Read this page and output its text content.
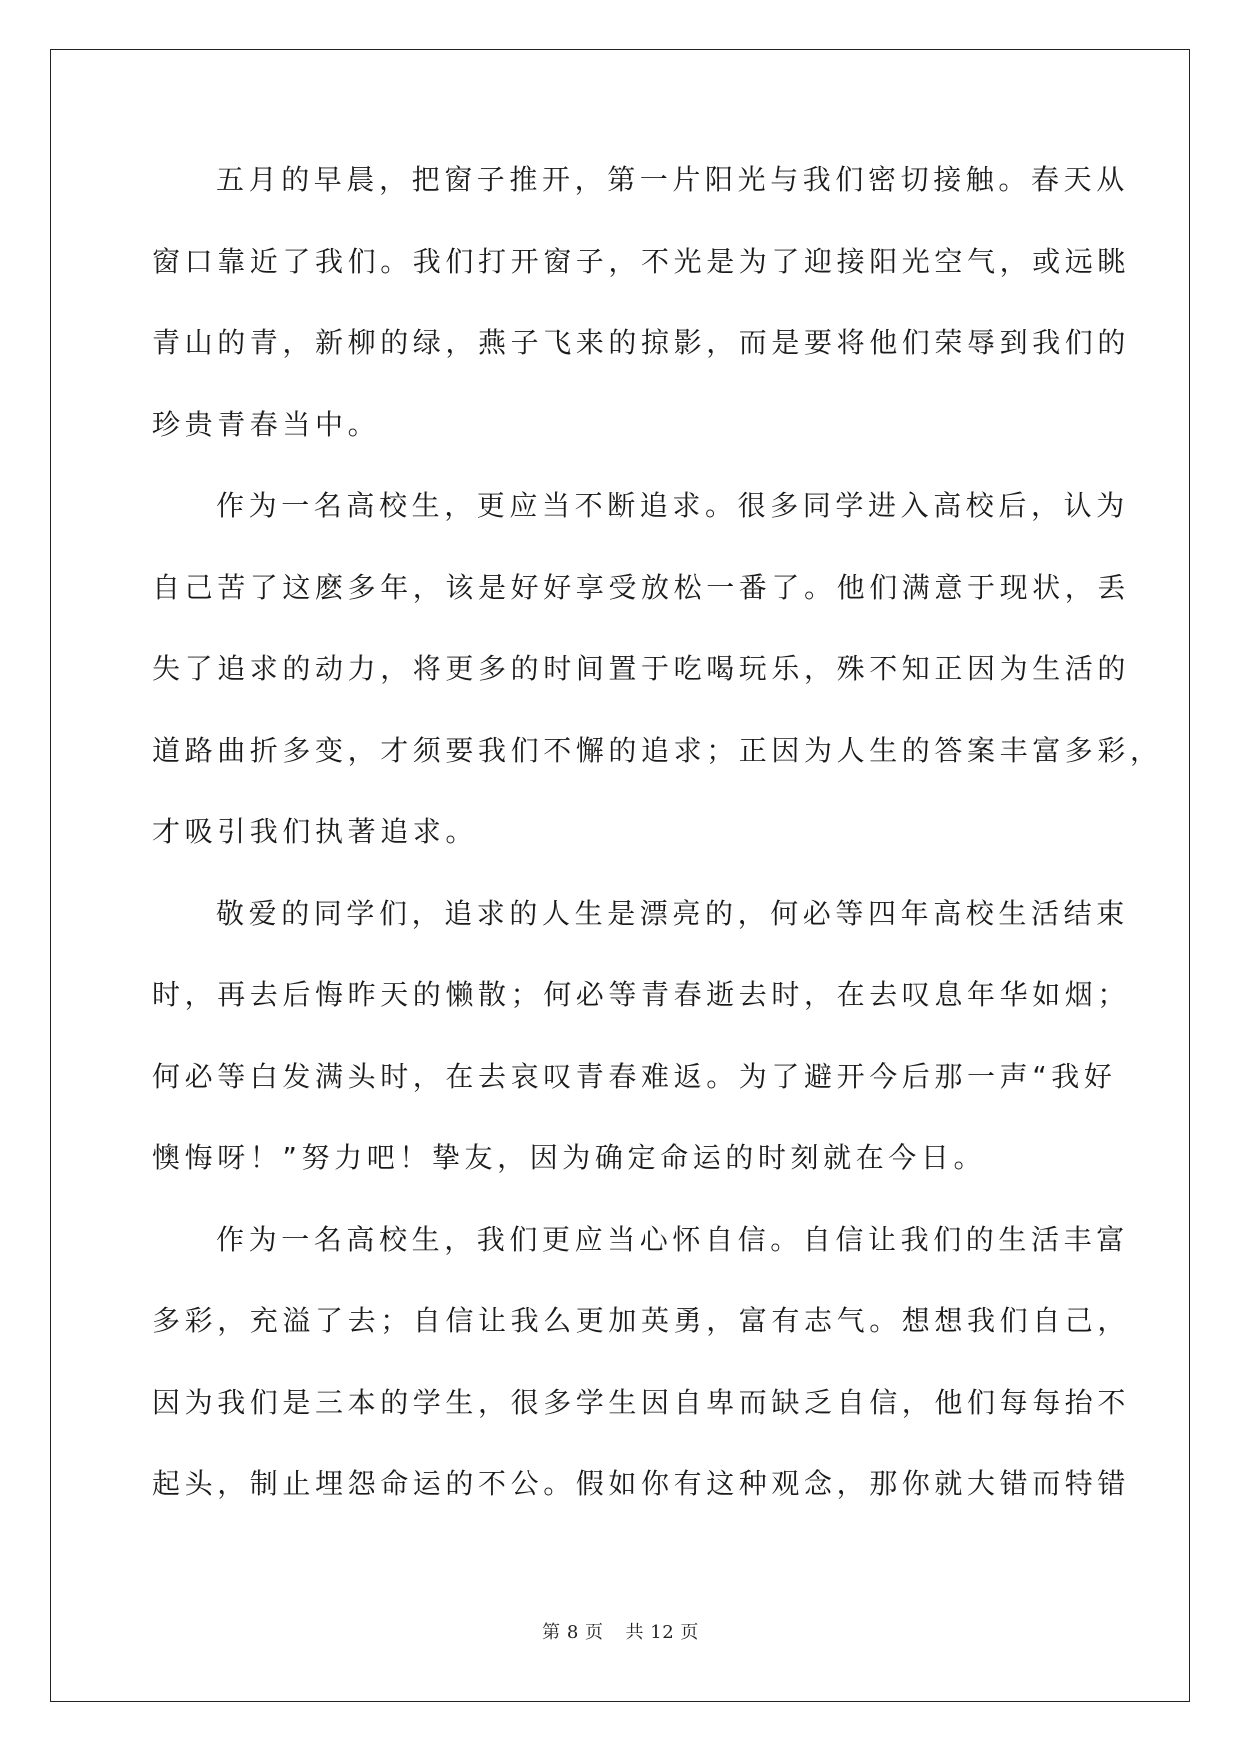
五月的早晨，把窗子推开，第一片阳光与我们密切接触。春天从
窗口靠近了我们。我们打开窗子，不光是为了迎接阳光空气，或远眺
青山的青，新柳的绿，燕子飞来的掠影，而是要将他们荣辱到我们的
珍贵青春当中。
作为一名高校生，更应当不断追求。很多同学进入高校后，认为
自己苦了这麽多年，该是好好享受放松一番了。他们满意于现状，丢
失了追求的动力，将更多的时间置于吃喝玩乐，殊不知正因为生活的
道路曲折多变，才须要我们不懈的追求；正因为人生的答案丰富多彩，
才吸引我们执著追求。
敬爱的同学们，追求的人生是漂亮的，何必等四年高校生活结束
时，再去后悔昨天的懒散；何必等青春逝去时，在去叹息年华如烟；
何必等白发满头时，在去哀叹青春难返。为了避开今后那一声“我好
懊悔呀！”努力吧！挚友，因为确定命运的时刻就在今日。
作为一名高校生，我们更应当心怀自信。自信让我们的生活丰富
多彩，充溢了去；自信让我么更加英勇，富有志气。想想我们自己，
因为我们是三本的学生，很多学生因自卑而缺乏自信，他们每每抬不
起头，制止埋怨命运的不公。假如你有这种观念，那你就大错而特错
第 8 页 共 12 页
